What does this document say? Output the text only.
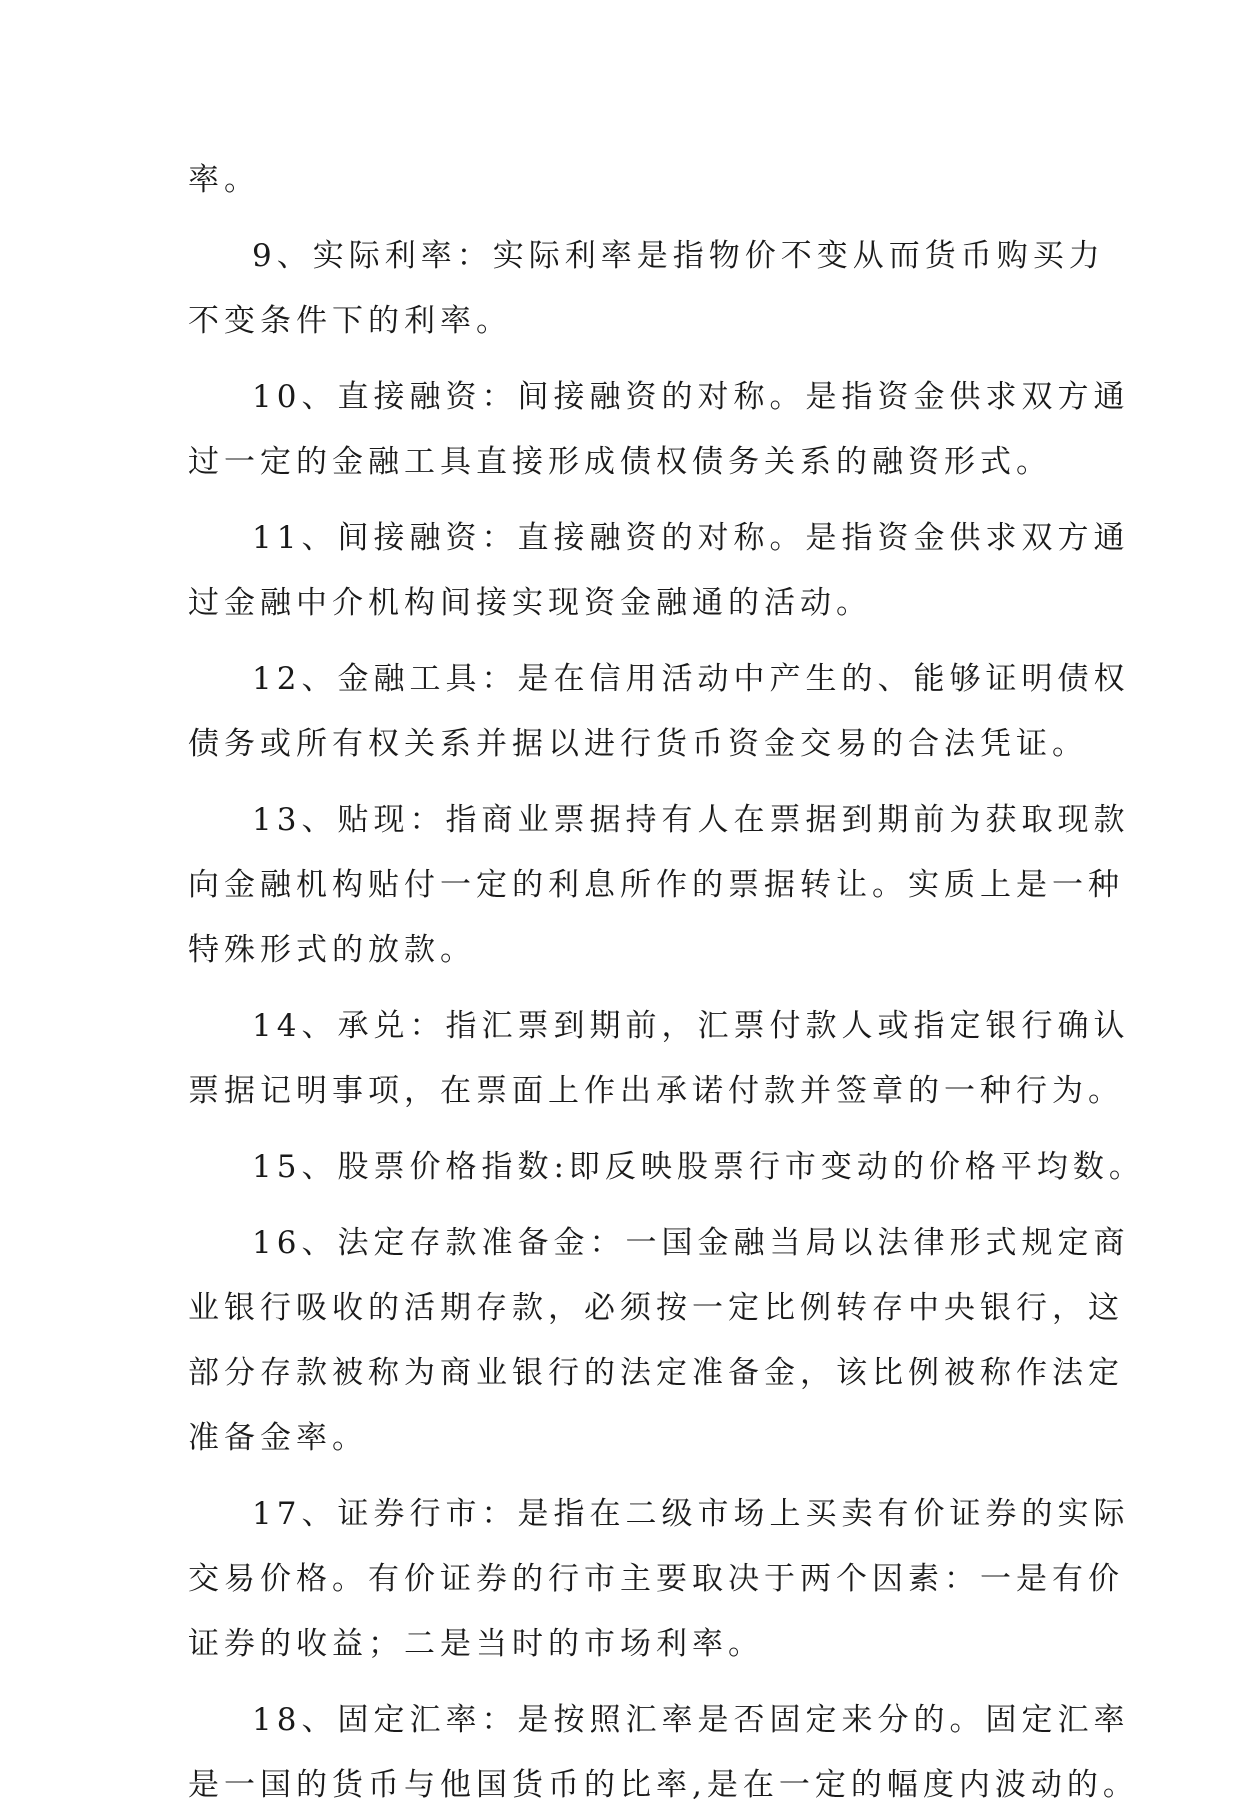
率。
9、实际利率：实际利率是指物价不变从而货币购买力
不变条件下的利率。
10、直接融资：间接融资的对称。是指资金供求双方通
过一定的金融工具直接形成债权债务关系的融资形式。
11、间接融资：直接融资的对称。是指资金供求双方通
过金融中介机构间接实现资金融通的活动。
12、金融工具：是在信用活动中产生的、能够证明债权
债务或所有权关系并据以进行货币资金交易的合法凭证。
13、贴现：指商业票据持有人在票据到期前为获取现款
向金融机构贴付一定的利息所作的票据转让。实质上是一种
特殊形式的放款。
14、承兑：指汇票到期前，汇票付款人或指定银行确认
票据记明事项，在票面上作出承诺付款并签章的一种行为。
15、股票价格指数:即反映股票行市变动的价格平均数。
16、法定存款准备金：一国金融当局以法律形式规定商
业银行吸收的活期存款，必须按一定比例转存中央银行，这
部分存款被称为商业银行的法定准备金，该比例被称作法定
准备金率。
17、证券行市：是指在二级市场上买卖有价证券的实际
交易价格。有价证券的行市主要取决于两个因素：一是有价
证券的收益；二是当时的市场利率。
18、固定汇率：是按照汇率是否固定来分的。固定汇率
是一国的货币与他国货币的比率,是在一定的幅度内波动的。
